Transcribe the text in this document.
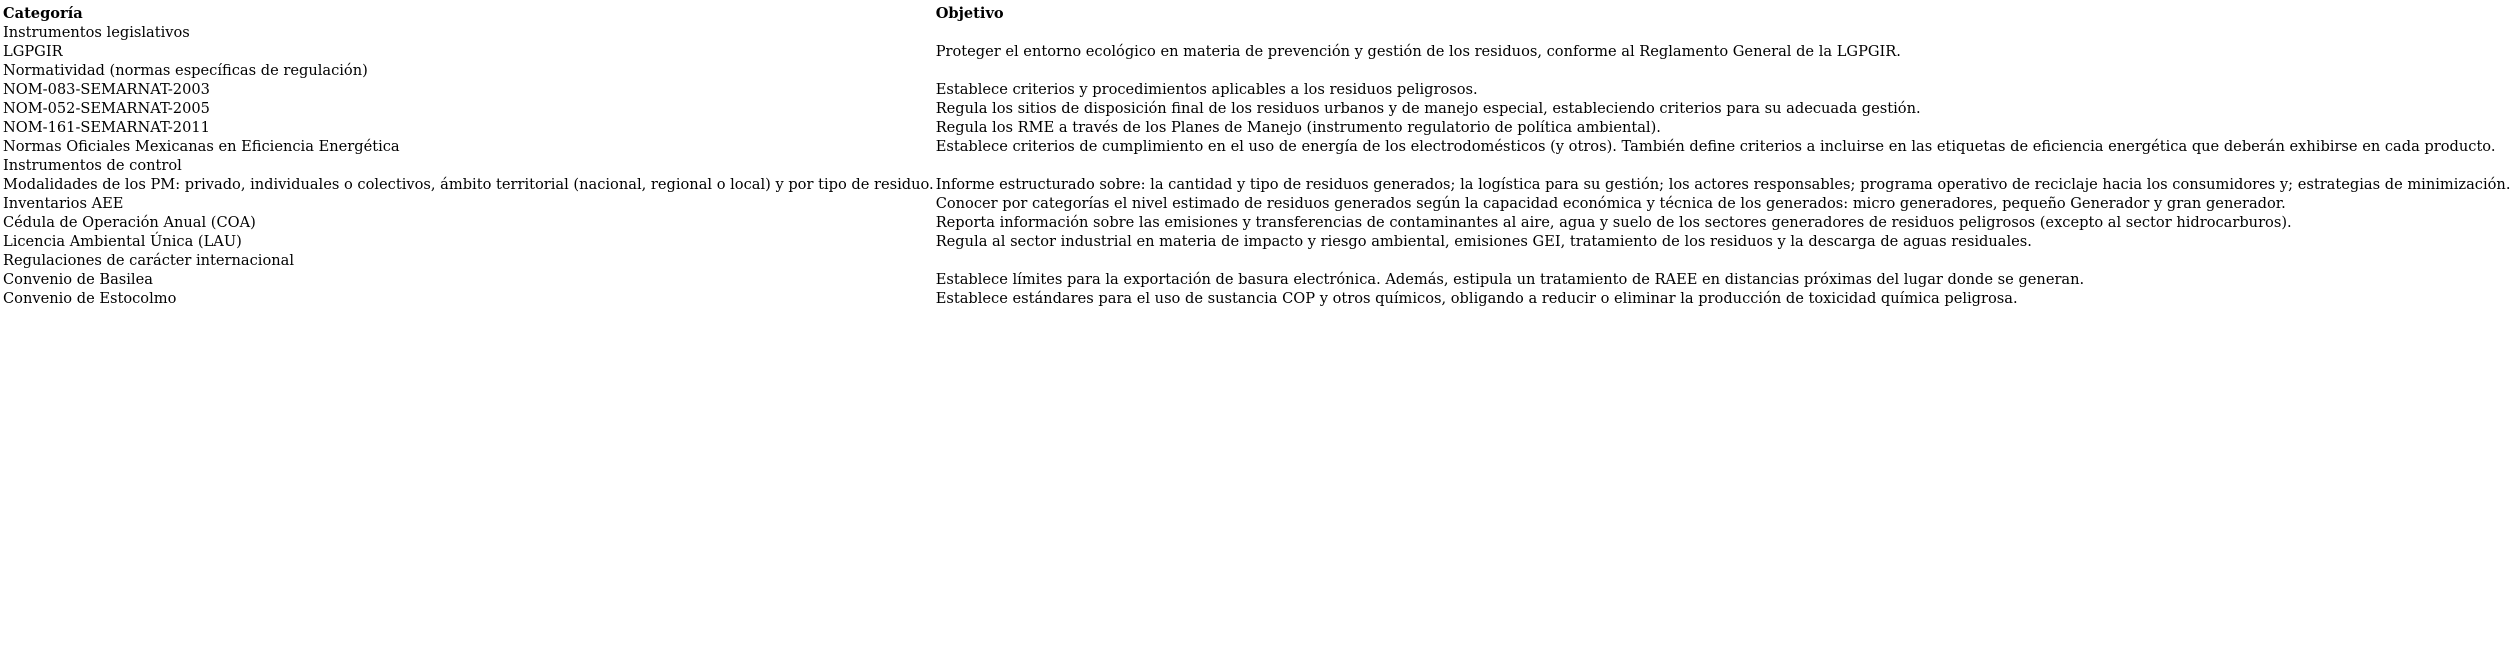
Categoría	Objetivo
Instrumentos legislativos	
LGPGIR	Proteger el entorno ecológico en materia de prevención y gestión de los residuos, conforme al Reglamento General de la LGPGIR.
Normatividad (normas específicas de regulación)	
NOM-083-SEMARNAT-2003	Establece criterios y procedimientos aplicables a los residuos peligrosos.
NOM-052-SEMARNAT-2005	Regula los sitios de disposición final de los residuos urbanos y de manejo especial, estableciendo criterios para su adecuada gestión.
NOM-161-SEMARNAT-2011	Regula los RME a través de los Planes de Manejo (instrumento regulatorio de política ambiental).
Normas Oficiales Mexicanas en Eficiencia Energética	Establece criterios de cumplimiento en el uso de energía de los electrodomésticos (y otros). También define criterios a incluirse en las etiquetas de eficiencia energética que deberán exhibirse en cada producto.
Instrumentos de control	
Modalidades de los PM: privado, individuales o colectivos, ámbito territorial (nacional, regional o local) y por tipo de residuo.	Informe estructurado sobre: la cantidad y tipo de residuos generados; la logística para su gestión; los actores responsables; programa operativo de reciclaje hacia los consumidores y; estrategias de minimización.
Inventarios AEE	Conocer por categorías el nivel estimado de residuos generados según la capacidad económica y técnica de los generados: micro generadores, pequeño Generador y gran generador.
Cédula de Operación Anual (COA)	Reporta información sobre las emisiones y transferencias de contaminantes al aire, agua y suelo de los sectores generadores de residuos peligrosos (excepto al sector hidrocarburos).
Licencia Ambiental Única (LAU)	Regula al sector industrial en materia de impacto y riesgo ambiental, emisiones GEI, tratamiento de los residuos y la descarga de aguas residuales.
Regulaciones de carácter internacional	
Convenio de Basilea	Establece límites para la exportación de basura electrónica. Además, estipula un tratamiento de RAEE en distancias próximas del lugar donde se generan.
Convenio de Estocolmo	Establece estándares para el uso de sustancia COP y otros químicos, obligando a reducir o eliminar la producción de toxicidad química peligrosa.
